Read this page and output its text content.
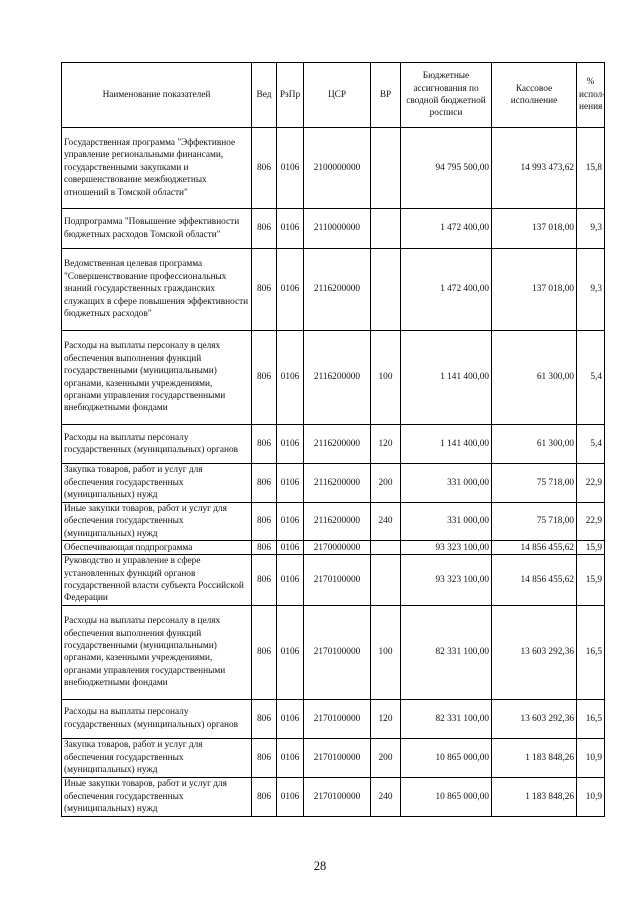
Наименование показателей	Вед	РзПр	ЦСР	ВР	Бюджетные ассигнования по сводной бюджетной росписи	Кассовое исполнение	% испол-нения
Государственная программа "Эффективное управление региональными финансами, государственными закупками и совершенствование межбюджетных отношений в Томской области"	806	0106	2100000000		94 795 500,00	14 993 473,62	15,8
Подпрограмма "Повышение эффективности бюджетных расходов Томской области"	806	0106	2110000000		1 472 400,00	137 018,00	9,3
Ведомственная целевая программа "Совершенствование профессиональных знаний государственных гражданских служащих в сфере повышения эффективности бюджетных расходов"	806	0106	2116200000		1 472 400,00	137 018,00	9,3
Расходы на выплаты персоналу в целях обеспечения выполнения функций государственными (муниципальными) органами, казенными учреждениями, органами управления государственными внебюджетными фондами	806	0106	2116200000	100	1 141 400,00	61 300,00	5,4
Расходы на выплаты персоналу государственных (муниципальных) органов	806	0106	2116200000	120	1 141 400,00	61 300,00	5,4
Закупка товаров, работ и услуг для обеспечения государственных (муниципальных) нужд	806	0106	2116200000	200	331 000,00	75 718,00	22,9
Иные закупки товаров, работ и услуг для обеспечения государственных (муниципальных) нужд	806	0106	2116200000	240	331 000,00	75 718,00	22,9
Обеспечивающая подпрограмма	806	0106	2170000000		93 323 100,00	14 856 455,62	15,9
Руководство и управление в сфере установленных функций органов государственной власти субъекта Российской Федерации	806	0106	2170100000		93 323 100,00	14 856 455,62	15,9
Расходы на выплаты персоналу в целях обеспечения выполнения функций государственными (муниципальными) органами, казенными учреждениями, органами управления государственными внебюджетными фондами	806	0106	2170100000	100	82 331 100,00	13 603 292,36	16,5
Расходы на выплаты персоналу государственных (муниципальных) органов	806	0106	2170100000	120	82 331 100,00	13 603 292,36	16,5
Закупка товаров, работ и услуг для обеспечения государственных (муниципальных) нужд	806	0106	2170100000	200	10 865 000,00	1 183 848,26	10,9
Иные закупки товаров, работ и услуг для обеспечения государственных (муниципальных) нужд	806	0106	2170100000	240	10 865 000,00	1 183 848,26	10,9
28
